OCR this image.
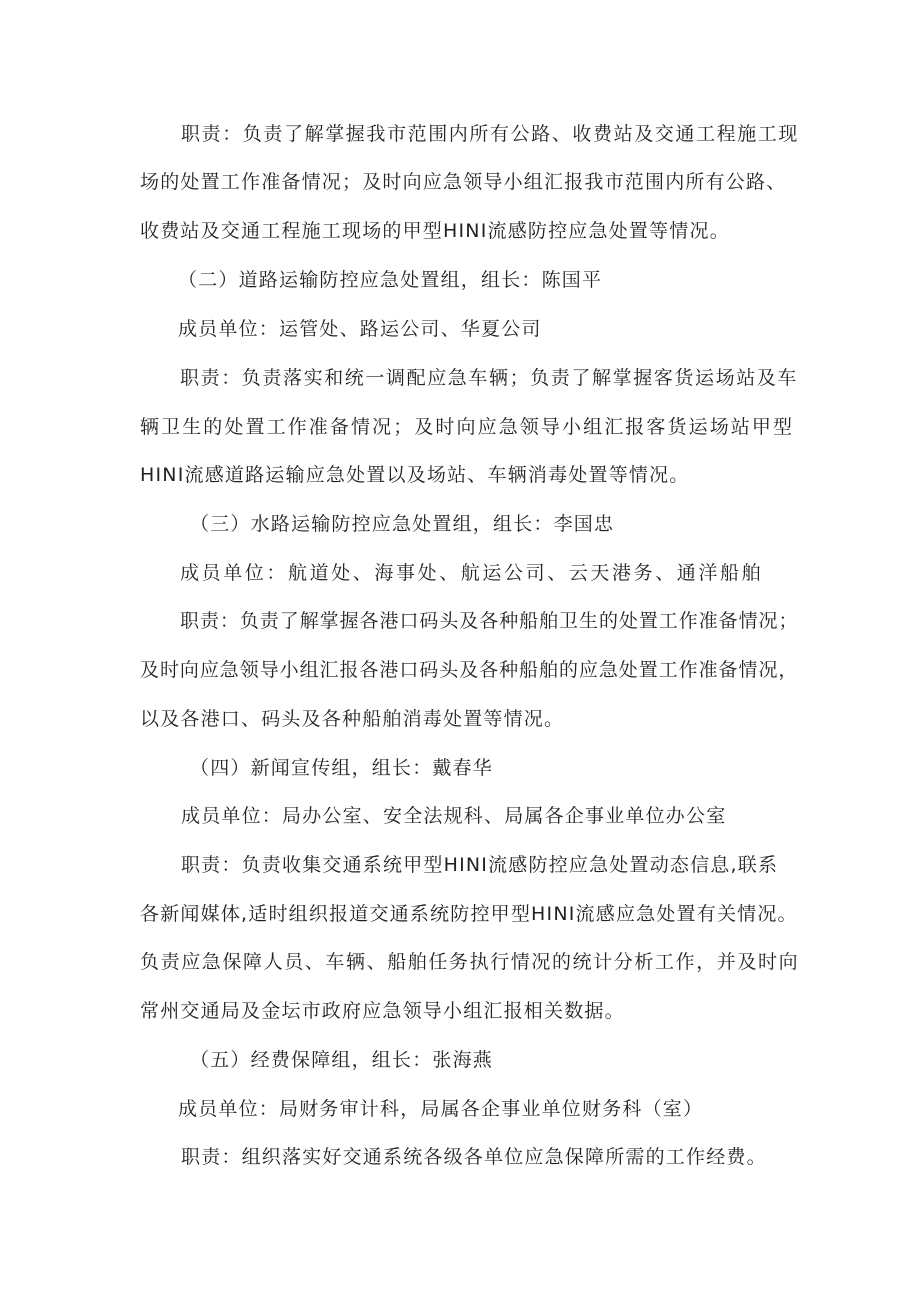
职责：负责了解掌握我市范围内所有公路、收费站及交通工程施工现
场的处置工作准备情况；及时向应急领导小组汇报我市范围内所有公路、
收费站及交通工程施工现场的甲型HINI流感防控应急处置等情况。
（二）道路运输防控应急处置组，组长：陈国平
成员单位：运管处、路运公司、华夏公司
职责：负责落实和统一调配应急车辆；负责了解掌握客货运场站及车
辆卫生的处置工作准备情况；及时向应急领导小组汇报客货运场站甲型
HINI流感道路运输应急处置以及场站、车辆消毒处置等情况。
（三）水路运输防控应急处置组，组长：李国忠
成员单位：航道处、海事处、航运公司、云天港务、通洋船舶
职责：负责了解掌握各港口码头及各种船舶卫生的处置工作准备情况；
及时向应急领导小组汇报各港口码头及各种船舶的应急处置工作准备情况，
以及各港口、码头及各种船舶消毒处置等情况。
（四）新闻宣传组，组长：戴春华
成员单位：局办公室、安全法规科、局属各企事业单位办公室
职责：负责收集交通系统甲型HINI流感防控应急处置动态信息,联系
各新闻媒体,适时组织报道交通系统防控甲型HINI流感应急处置有关情况。
负责应急保障人员、车辆、船舶任务执行情况的统计分析工作，并及时向
常州交通局及金坛市政府应急领导小组汇报相关数据。
（五）经费保障组，组长：张海燕
成员单位：局财务审计科，局属各企事业单位财务科（室）
职责：组织落实好交通系统各级各单位应急保障所需的工作经费。
